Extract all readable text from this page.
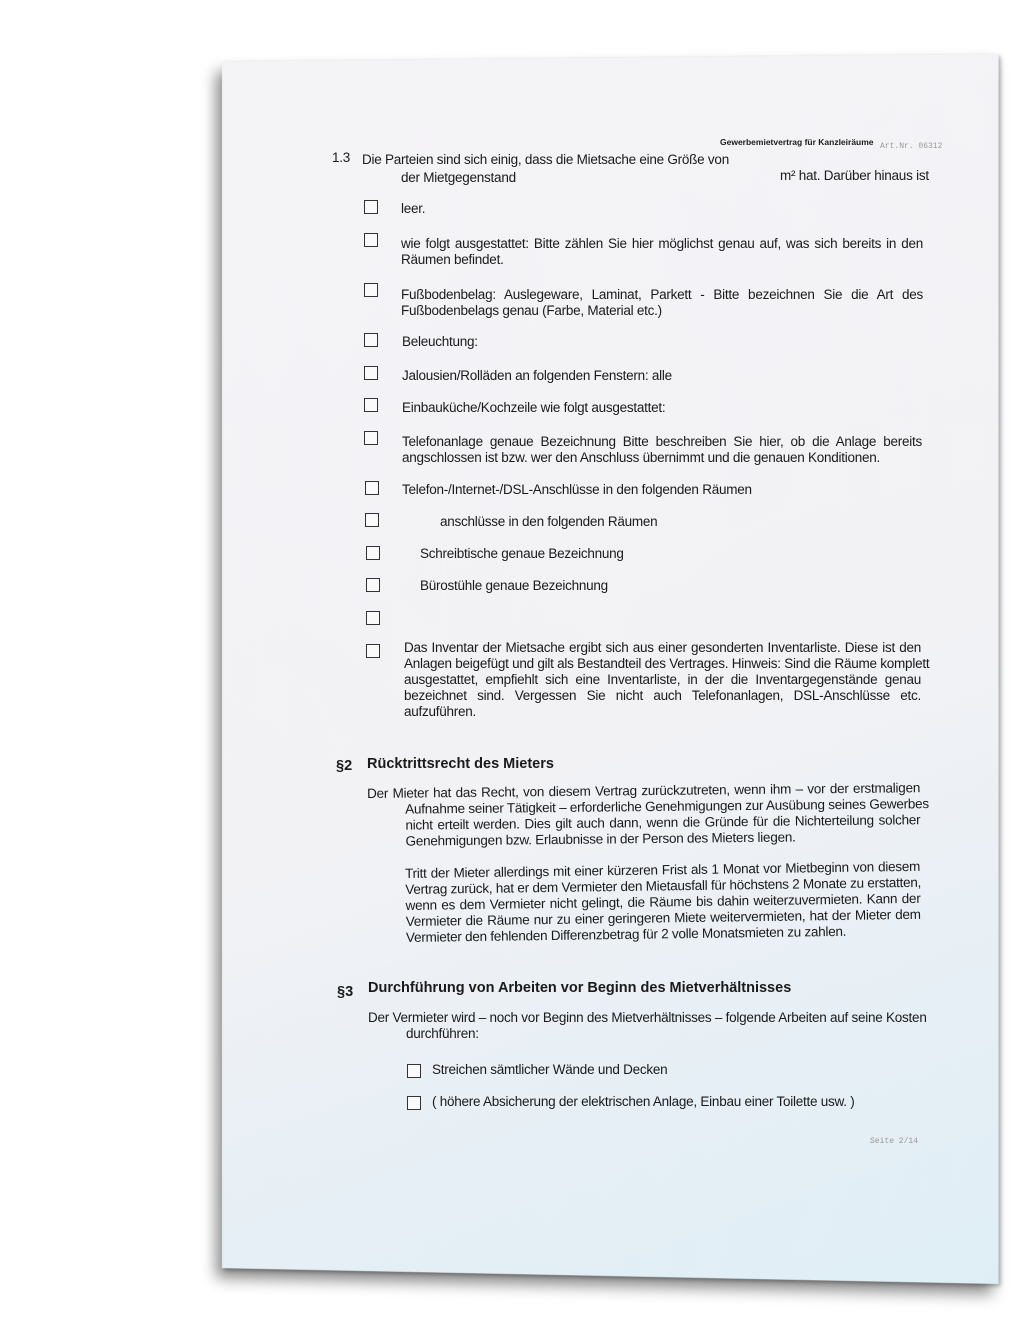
Gewerbemietvertrag für Kanzleiräume Art.Nr. 06312
1.3 Die Parteien sind sich einig, dass die Mietsache eine Größe von
m² hat. Darüber hinaus ist
der Mietgegenstand
leer.
wie folgt ausgestattet: Bitte zählen Sie hier möglichst genau auf, was sich bereits in den
Räumen befindet.
Fußbodenbelag: Auslegeware, Laminat, Parkett - Bitte bezeichnen Sie die Art des
Fußbodenbelags genau (Farbe, Material etc.)
Beleuchtung:
Jalousien/Rolläden an folgenden Fenstern: alle
Einbauküche/Kochzeile wie folgt ausgestattet:
Telefonanlage genaue Bezeichnung Bitte beschreiben Sie hier, ob die Anlage bereits
angschlossen ist bzw. wer den Anschluss übernimmt und die genauen Konditionen.
Telefon-/Internet-/DSL-Anschlüsse in den folgenden Räumen
anschlüsse in den folgenden Räumen
Schreibtische genaue Bezeichnung
Bürostühle genaue Bezeichnung
Das Inventar der Mietsache ergibt sich aus einer gesonderten Inventarliste. Diese ist den
Anlagen beigefügt und gilt als Bestandteil des Vertrages. Hinweis: Sind die Räume komplett
ausgestattet, empfiehlt sich eine Inventarliste, in der die Inventargegenstände genau
bezeichnet sind. Vergessen Sie nicht auch Telefonanlagen, DSL-Anschlüsse etc.
aufzuführen.
§2 Rücktrittsrecht des Mieters
Der Mieter hat das Recht, von diesem Vertrag zurückzutreten, wenn ihm – vor der erstmaligen
Aufnahme seiner Tätigkeit – erforderliche Genehmigungen zur Ausübung seines Gewerbes
nicht erteilt werden. Dies gilt auch dann, wenn die Gründe für die Nichterteilung solcher
Genehmigungen bzw. Erlaubnisse in der Person des Mieters liegen.
Tritt der Mieter allerdings mit einer kürzeren Frist als 1 Monat vor Mietbeginn von diesem
Vertrag zurück, hat er dem Vermieter den Mietausfall für höchstens 2 Monate zu erstatten,
wenn es dem Vermieter nicht gelingt, die Räume bis dahin weiterzuvermieten. Kann der
Vermieter die Räume nur zu einer geringeren Miete weitervermieten, hat der Mieter dem
Vermieter den fehlenden Differenzbetrag für 2 volle Monatsmieten zu zahlen.
§3 Durchführung von Arbeiten vor Beginn des Mietverhältnisses
Der Vermieter wird – noch vor Beginn des Mietverhältnisses – folgende Arbeiten auf seine Kosten
durchführen:
Streichen sämtlicher Wände und Decken
( höhere Absicherung der elektrischen Anlage, Einbau einer Toilette usw. )
Seite 2/14
